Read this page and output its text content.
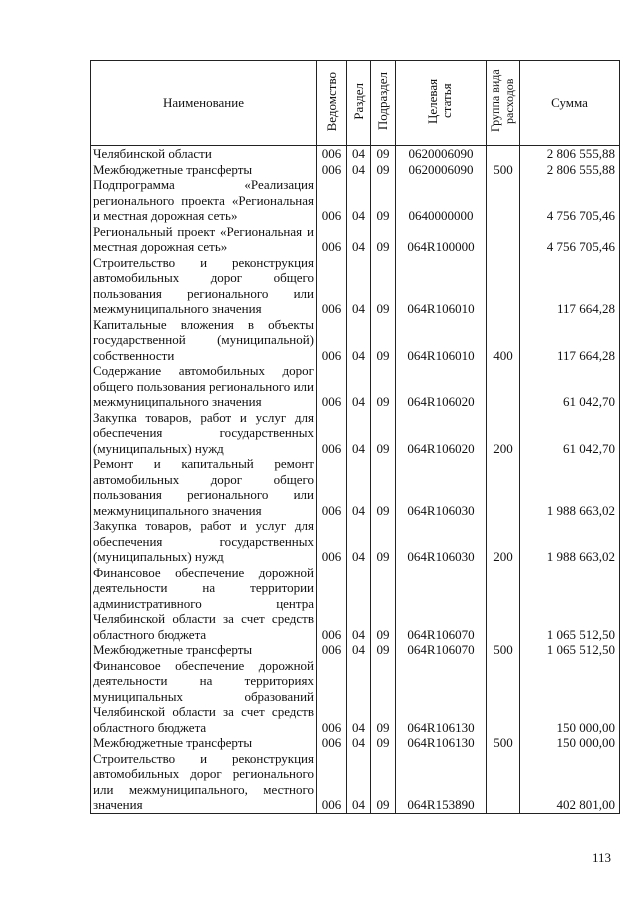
Наименование	Ведомство	Раздел	Подраздел	Целевая статья	Группа вида расходов	Сумма
Челябинской области	006	04	09	0620006090		2 806 555,88
Межбюджетные трансферты	006	04	09	0620006090	500	2 806 555,88
Подпрограмма «Реализация регионального проекта «Региональная и местная дорожная сеть»	006	04	09	0640000000		4 756 705,46
Региональный проект «Региональная и местная дорожная сеть»	006	04	09	064R100000		4 756 705,46
Строительство и реконструкция автомобильных дорог общего пользования регионального или межмуниципального значения	006	04	09	064R106010		117 664,28
Капитальные вложения в объекты государственной (муниципальной) собственности	006	04	09	064R106010	400	117 664,28
Содержание автомобильных дорог общего пользования регионального или межмуниципального значения	006	04	09	064R106020		61 042,70
Закупка товаров, работ и услуг для обеспечения государственных (муниципальных) нужд	006	04	09	064R106020	200	61 042,70
Ремонт и капитальный ремонт автомобильных дорог общего пользования регионального или межмуниципального значения	006	04	09	064R106030		1 988 663,02
Закупка товаров, работ и услуг для обеспечения государственных (муниципальных) нужд	006	04	09	064R106030	200	1 988 663,02
Финансовое обеспечение дорожной деятельности на территории административного центра Челябинской области за счет средств областного бюджета	006	04	09	064R106070		1 065 512,50
Межбюджетные трансферты	006	04	09	064R106070	500	1 065 512,50
Финансовое обеспечение дорожной деятельности на территориях муниципальных образований Челябинской области за счет средств областного бюджета	006	04	09	064R106130		150 000,00
Межбюджетные трансферты	006	04	09	064R106130	500	150 000,00
Строительство и реконструкция автомобильных дорог регионального или межмуниципального, местного значения	006	04	09	064R153890		402 801,00
113
